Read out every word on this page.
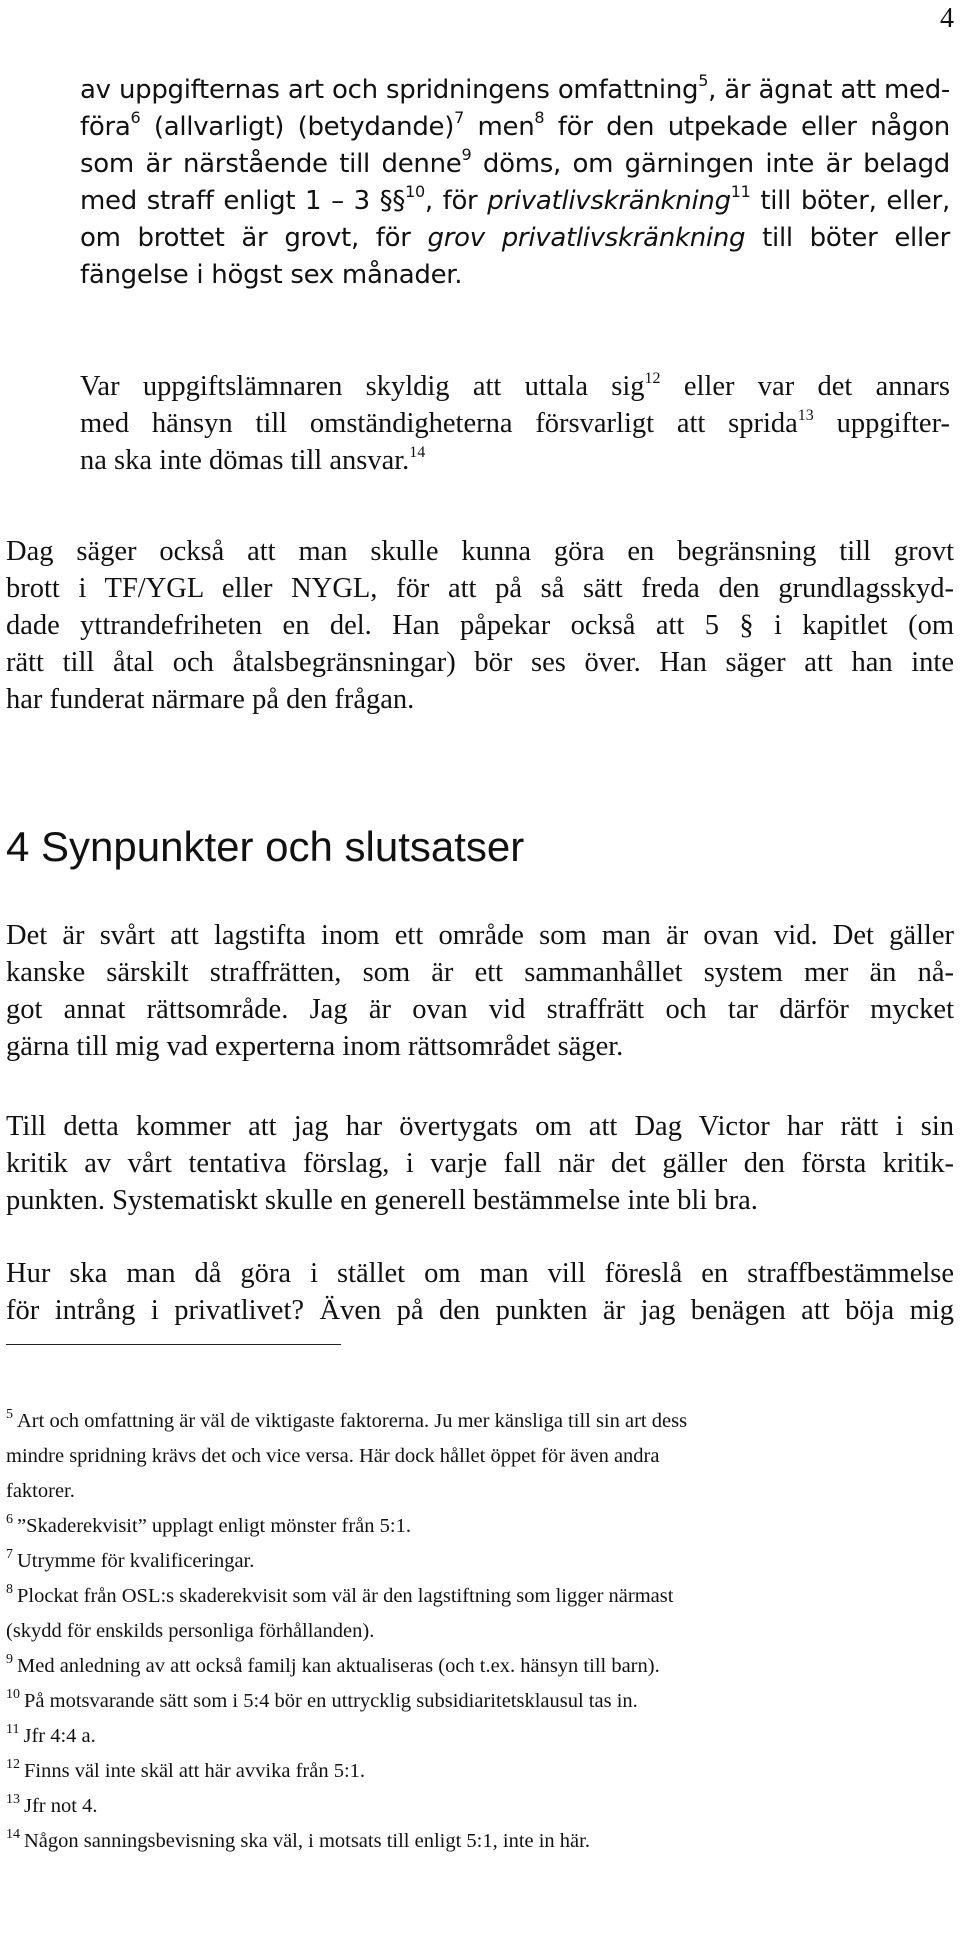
4
av uppgifternas art och spridningens omfattning$^5$, är ägnat att med-
föra$^6$ (allvarligt) (betydande)$^7$ men$^8$ för den utpekade eller någon
som är närstående till denne$^9$ döms, om gärningen inte är belagd
med straff enligt 1 – 3 §§$^{10}$, för privatlivskränkning$^{11}$ till böter, eller,
om brottet är grovt, för grov privatlivskränkning till böter eller
fängelse i högst sex månader.
Var uppgiftslämnaren skyldig att uttala sig$^{12}$ eller var det annars
med hänsyn till omständigheterna försvarligt att sprida$^{13}$ uppgifter-
na ska inte dömas till ansvar.$^{14}$
Dag säger också att man skulle kunna göra en begränsning till grovt
brott i TF/YGL eller NYGL, för att på så sätt freda den grundlagsskyd-
dade yttrandefriheten en del. Han påpekar också att 5 § i kapitlet (om
rätt till åtal och åtalsbegränsningar) bör ses över. Han säger att han inte
har funderat närmare på den frågan.
4 Synpunkter och slutsatser
Det är svårt att lagstifta inom ett område som man är ovan vid. Det gäller
kanske särskilt straffrätten, som är ett sammanhållet system mer än nå-
got annat rättsområde. Jag är ovan vid straffrätt och tar därför mycket
gärna till mig vad experterna inom rättsområdet säger.
Till detta kommer att jag har övertygats om att Dag Victor har rätt i sin
kritik av vårt tentativa förslag, i varje fall när det gäller den första kritik-
punkten. Systematiskt skulle en generell bestämmelse inte bli bra.
Hur ska man då göra i stället om man vill föreslå en straffbestämmelse
för intrång i privatlivet? Även på den punkten är jag benägen att böja mig
$^5$ Art och omfattning är väl de viktigaste faktorerna. Ju mer känsliga till sin art dess
mindre spridning krävs det och vice versa. Här dock hållet öppet för även andra
faktorer.
$^6$ ”Skaderekvisit” upplagt enligt mönster från 5:1.
$^7$ Utrymme för kvalificeringar.
$^8$ Plockat från OSL:s skaderekvisit som väl är den lagstiftning som ligger närmast
(skydd för enskilds personliga förhållanden).
$^9$ Med anledning av att också familj kan aktualiseras (och t.ex. hänsyn till barn).
$^{10}$ På motsvarande sätt som i 5:4 bör en uttrycklig subsidiaritetsklausul tas in.
$^{11}$ Jfr 4:4 a.
$^{12}$ Finns väl inte skäl att här avvika från 5:1.
$^{13}$ Jfr not 4.
$^{14}$ Någon sanningsbevisning ska väl, i motsats till enligt 5:1, inte in här.
